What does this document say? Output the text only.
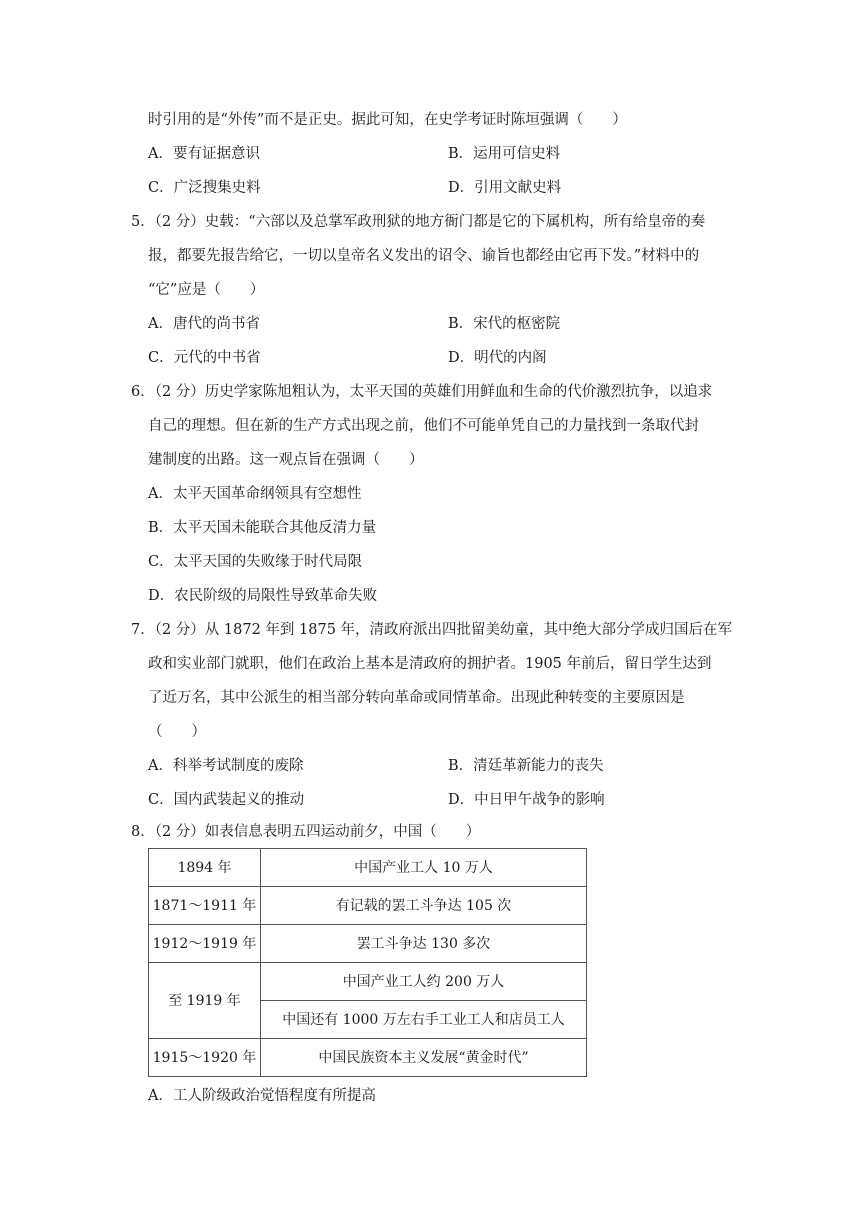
时引用的是“外传”而不是正史。据此可知，在史学考证时陈垣强调（　　）
A．要有证据意识	B．运用可信史料
C．广泛搜集史料	D．引用文献史料
5．（2 分）史载：“六部以及总掌军政刑狱的地方衙门都是它的下属机构，所有给皇帝的奏
报，都要先报告给它，一切以皇帝名义发出的诏令、谕旨也都经由它再下发。”材料中的
“它”应是（　　）
A．唐代的尚书省	B．宋代的枢密院
C．元代的中书省	D．明代的内阁
6．（2 分）历史学家陈旭粗认为，太平天国的英雄们用鲜血和生命的代价激烈抗争，以追求
自己的理想。但在新的生产方式出现之前，他们不可能单凭自己的力量找到一条取代封
建制度的出路。这一观点旨在强调（　　）
A．太平天国革命纲领具有空想性
B．太平天国未能联合其他反清力量
C．太平天国的失败缘于时代局限
D．农民阶级的局限性导致革命失败
7．（2 分）从 1872 年到 1875 年，清政府派出四批留美幼童，其中绝大部分学成归国后在军
政和实业部门就职，他们在政治上基本是清政府的拥护者。1905 年前后，留日学生达到
了近万名，其中公派生的相当部分转向革命或同情革命。出现此种转变的主要原因是
（　　）
A．科举考试制度的废除	B．清廷革新能力的丧失
C．国内武装起义的推动	D．中日甲午战争的影响
8．（2 分）如表信息表明五四运动前夕，中国（　　）
1894 年	中国产业工人 10 万人
1871～1911 年	有记载的罢工斗争达 105 次
1912～1919 年	罢工斗争达 130 多次
至 1919 年	中国产业工人约 200 万人
	中国还有 1000 万左右手工业工人和店员工人
1915～1920 年	中国民族资本主义发展“黄金时代”
A．工人阶级政治觉悟程度有所提高
